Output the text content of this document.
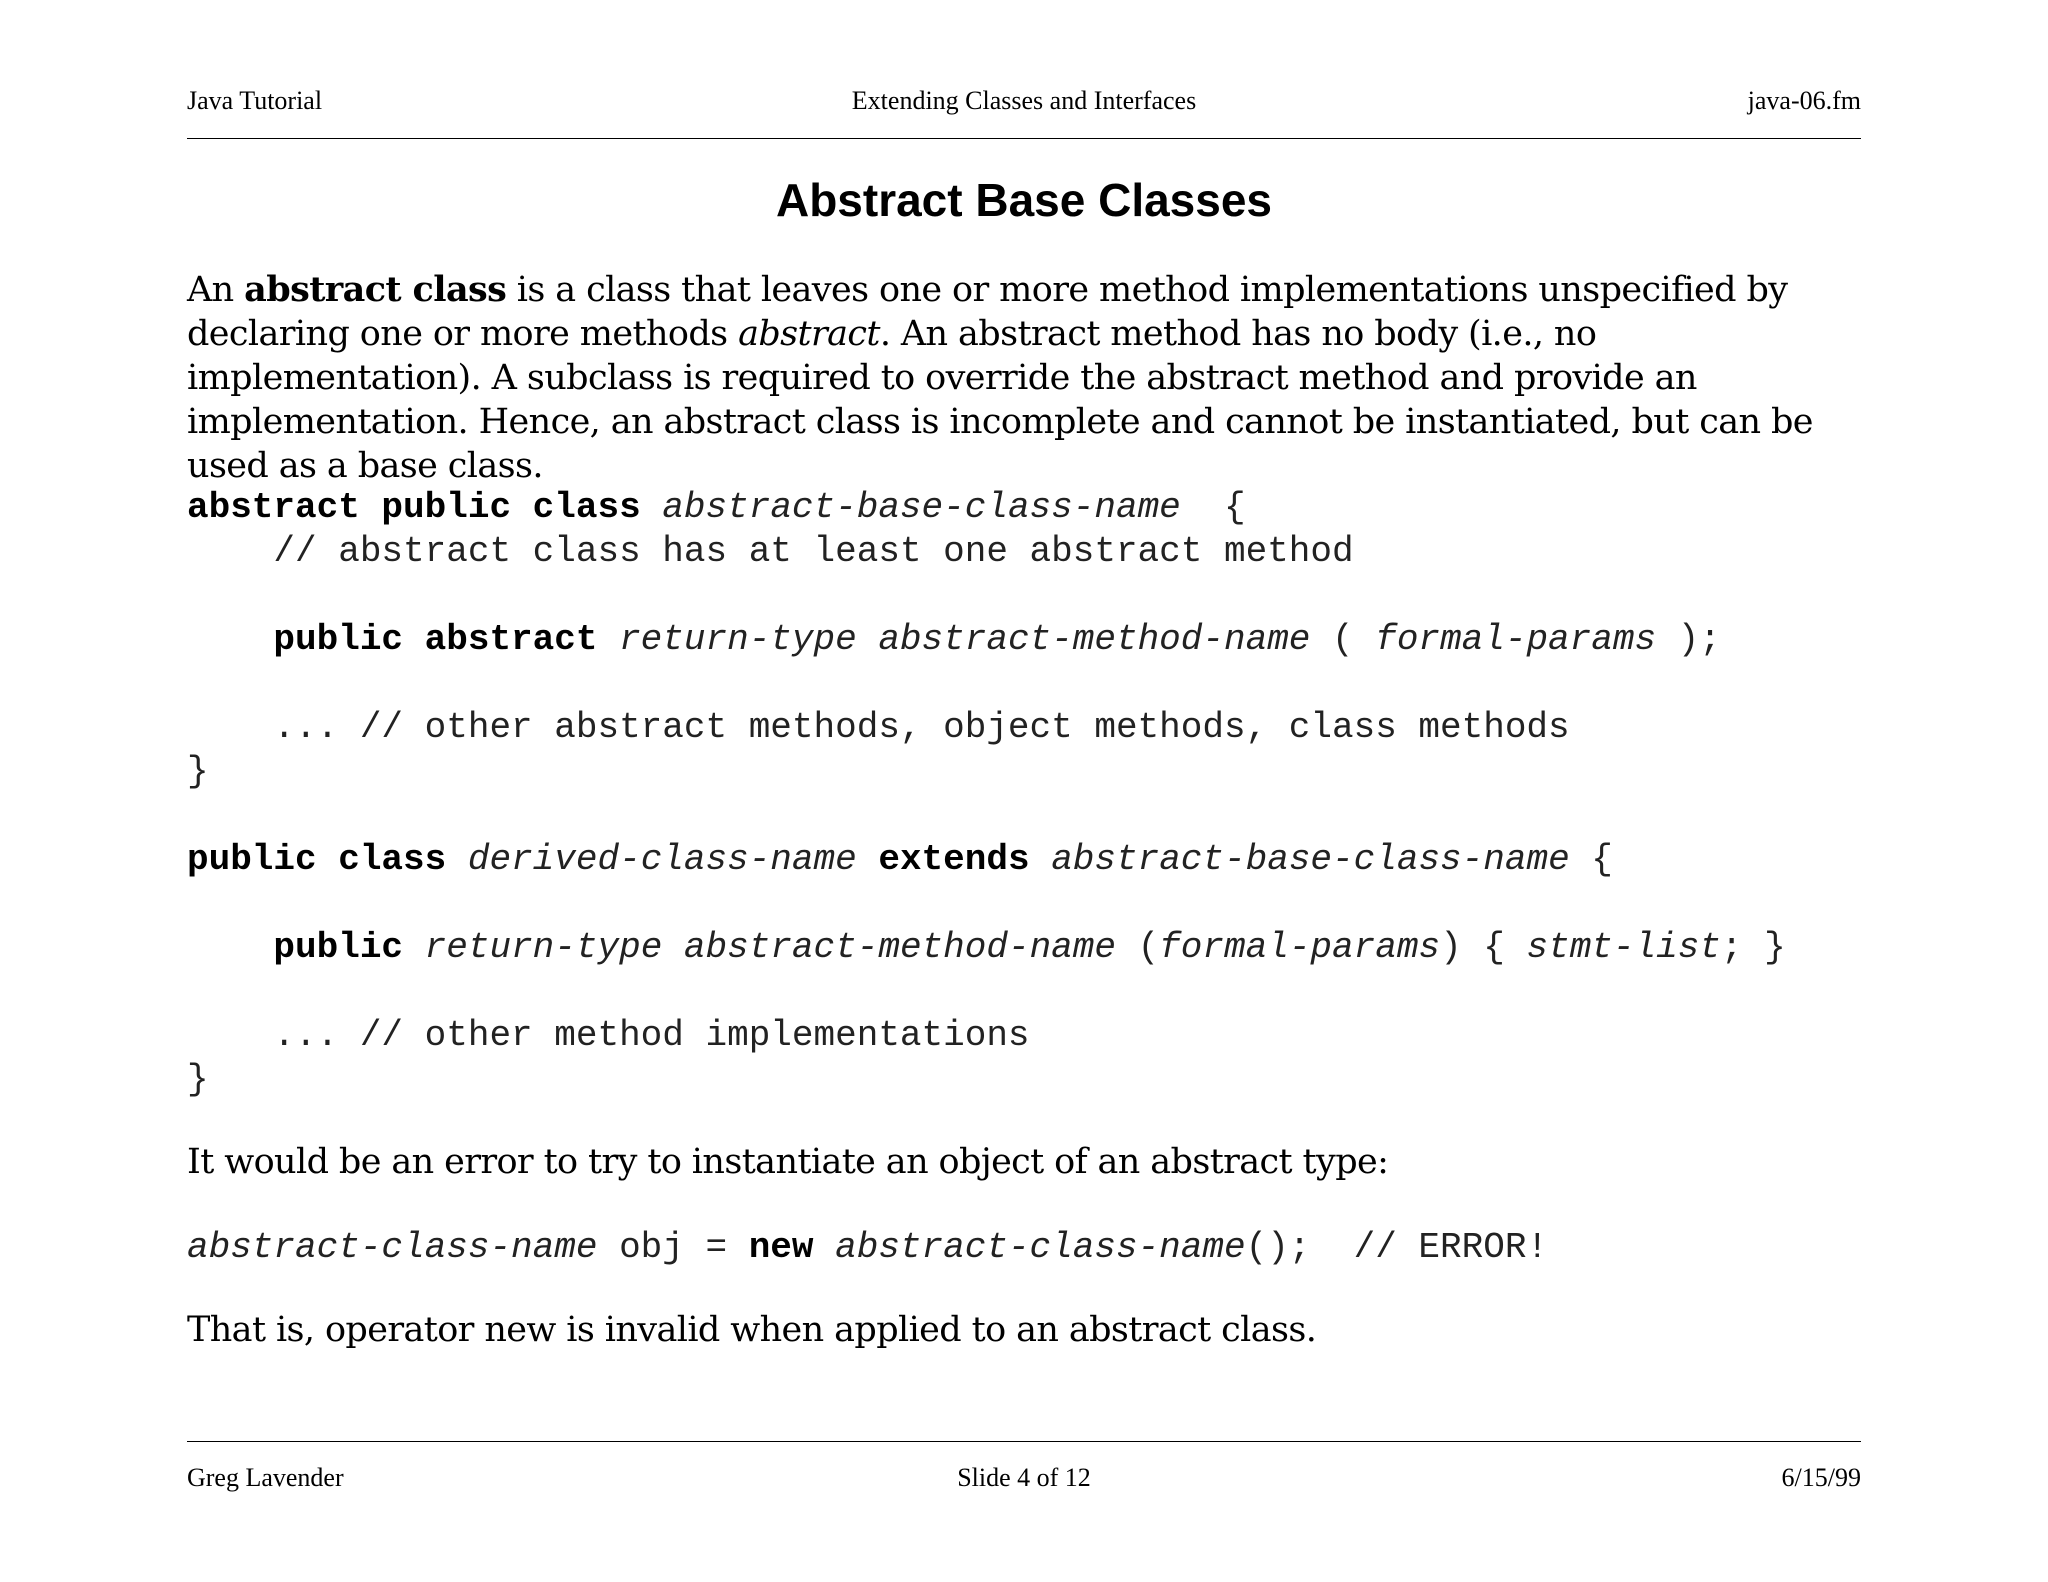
Java Tutorial	Extending Classes and Interfaces	java-06.fm
Abstract Base Classes
An abstract class is a class that leaves one or more method implementations unspecified by declaring one or more methods abstract. An abstract method has no body (i.e., no implementation). A subclass is required to override the abstract method and provide an implementation. Hence, an abstract class is incomplete and cannot be instantiated, but can be used as a base class.

abstract public class abstract-base-class-name  {

// abstract class has at least one abstract method

public abstract return-type abstract-method-name ( formal-params );

... // other abstract methods, object methods, class methods

}

public class derived-class-name extends abstract-base-class-name {

public return-type abstract-method-name (formal-params) { stmt-list; }

... // other method implementations

}

It would be an error to try to instantiate an object of an abstract type:

abstract-class-name obj = new abstract-class-name();  // ERROR!

That is, operator new is invalid when applied to an abstract class.
Greg Lavender	Slide 4 of 12	6/15/99
